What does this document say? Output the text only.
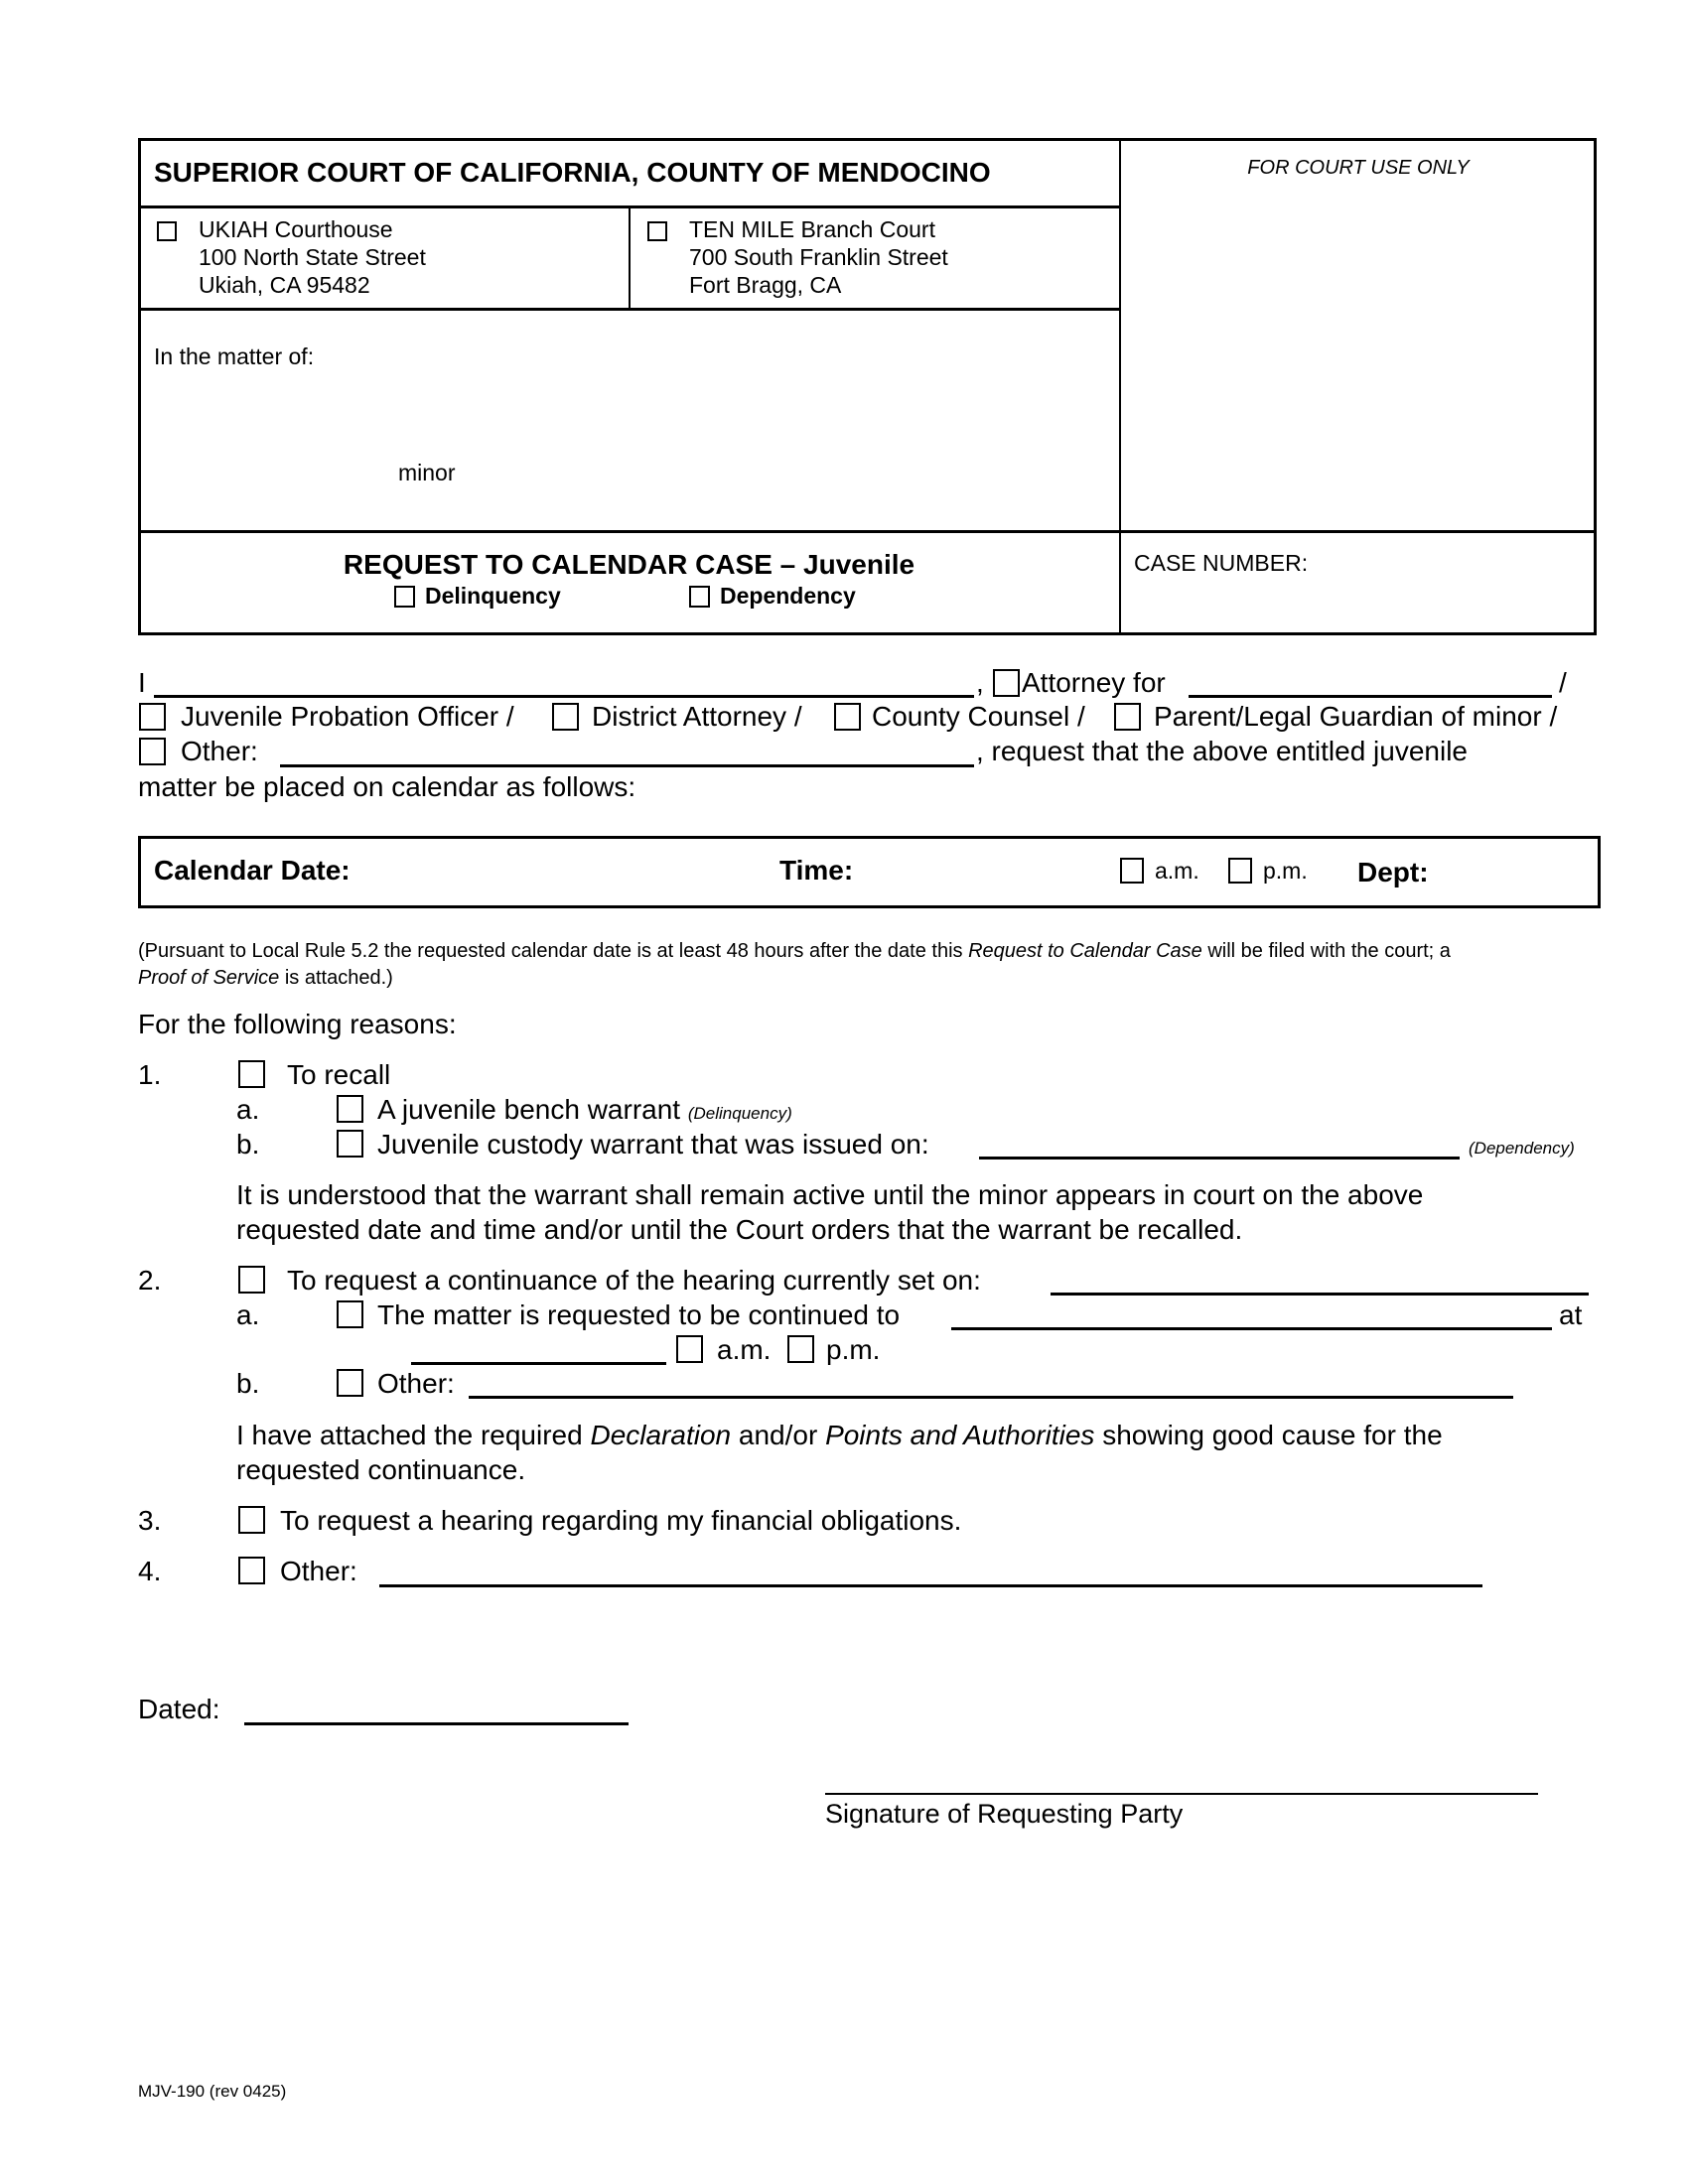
SUPERIOR COURT OF CALIFORNIA, COUNTY OF MENDOCINO	FOR COURT USE ONLY
UKIAH Courthouse
100 North State Street
Ukiah, CA 95482
TEN MILE Branch Court
700 South Franklin Street
Fort Bragg, CA
In the matter of:
minor
REQUEST TO CALENDAR CASE – Juvenile
Delinquency	Dependency
CASE NUMBER:
I	, Attorney for	/
Juvenile Probation Officer /	District Attorney /	County Counsel / Parent/Legal Guardian of minor /
Other:	, request that the above entitled juvenile
matter be placed on calendar as follows:
Calendar Date:	Time:	a.m.	p.m. Dept:
(Pursuant to Local Rule 5.2 the requested calendar date is at least 48 hours after the date this Request to Calendar Case will be filed with the court; a
Proof of Service is attached.)
For the following reasons:
1.	To recall
a.	A juvenile bench warrant (Delinquency)
b.	Juvenile custody warrant that was issued on:	(Dependency)
It is understood that the warrant shall remain active until the minor appears in court on the above
requested date and time and/or until the Court orders that the warrant be recalled.
2.	To request a continuance of the hearing currently set on:
a.	The matter is requested to be continued to	at
a.m. p.m.
b.	Other:
I have attached the required Declaration and/or Points and Authorities showing good cause for the
requested continuance.
3.	To request a hearing regarding my financial obligations.
4.	Other:
Dated:
Signature of Requesting Party
MJV-190 (rev 0425)
